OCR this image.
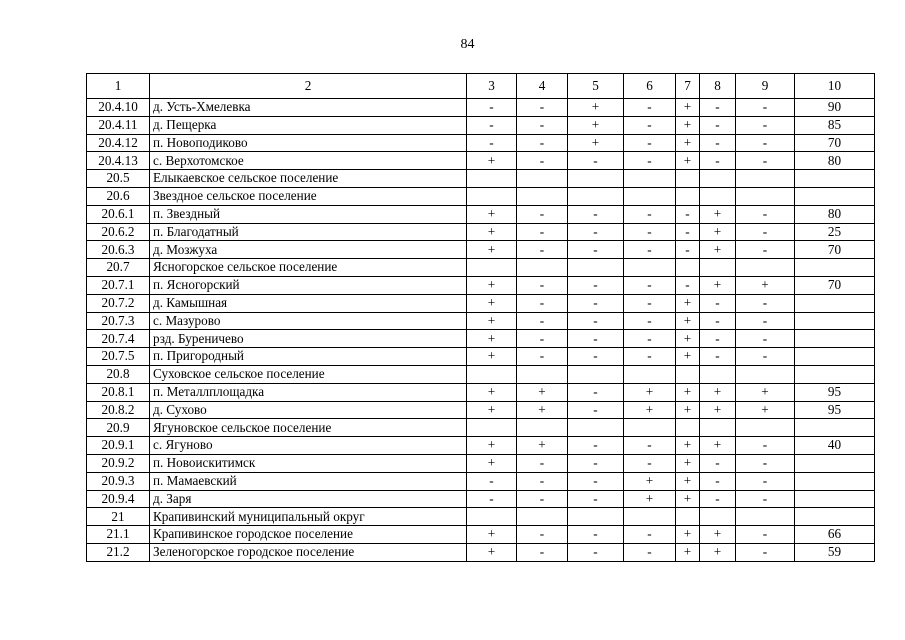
84
1	2	3	4	5	6	7	8	9	10
20.4.10	д. Усть-Хмелевка	-	-	+	-	+	-	-	90
20.4.11	д. Пещерка	-	-	+	-	+	-	-	85
20.4.12	п. Новоподиково	-	-	+	-	+	-	-	70
20.4.13	с. Верхотомское	+	-	-	-	+	-	-	80
20.5	Елыкаевское сельское поселение								
20.6	Звездное сельское поселение								
20.6.1	п. Звездный	+	-	-	-	-	+	-	80
20.6.2	п. Благодатный	+	-	-	-	-	+	-	25
20.6.3	д. Мозжуха	+	-	-	-	-	+	-	70
20.7	Ясногорское сельское поселение								
20.7.1	п. Ясногорский	+	-	-	-	-	+	+	70
20.7.2	д. Камышная	+	-	-	-	+	-	-	
20.7.3	с. Мазурово	+	-	-	-	+	-	-	
20.7.4	рзд. Буреничево	+	-	-	-	+	-	-	
20.7.5	п. Пригородный	+	-	-	-	+	-	-	
20.8	Суховское сельское поселение								
20.8.1	п. Металлплощадка	+	+	-	+	+	+	+	95
20.8.2	д. Сухово	+	+	-	+	+	+	+	95
20.9	Ягуновское сельское поселение								
20.9.1	с. Ягуново	+	+	-	-	+	+	-	40
20.9.2	п. Новоискитимск	+	-	-	-	+	-	-	
20.9.3	п. Мамаевский	-	-	-	+	+	-	-	
20.9.4	д. Заря	-	-	-	+	+	-	-	
21	Крапивинский муниципальный округ								
21.1	Крапивинское городское поселение	+	-	-	-	+	+	-	66
21.2	Зеленогорское городское поселение	+	-	-	-	+	+	-	59
